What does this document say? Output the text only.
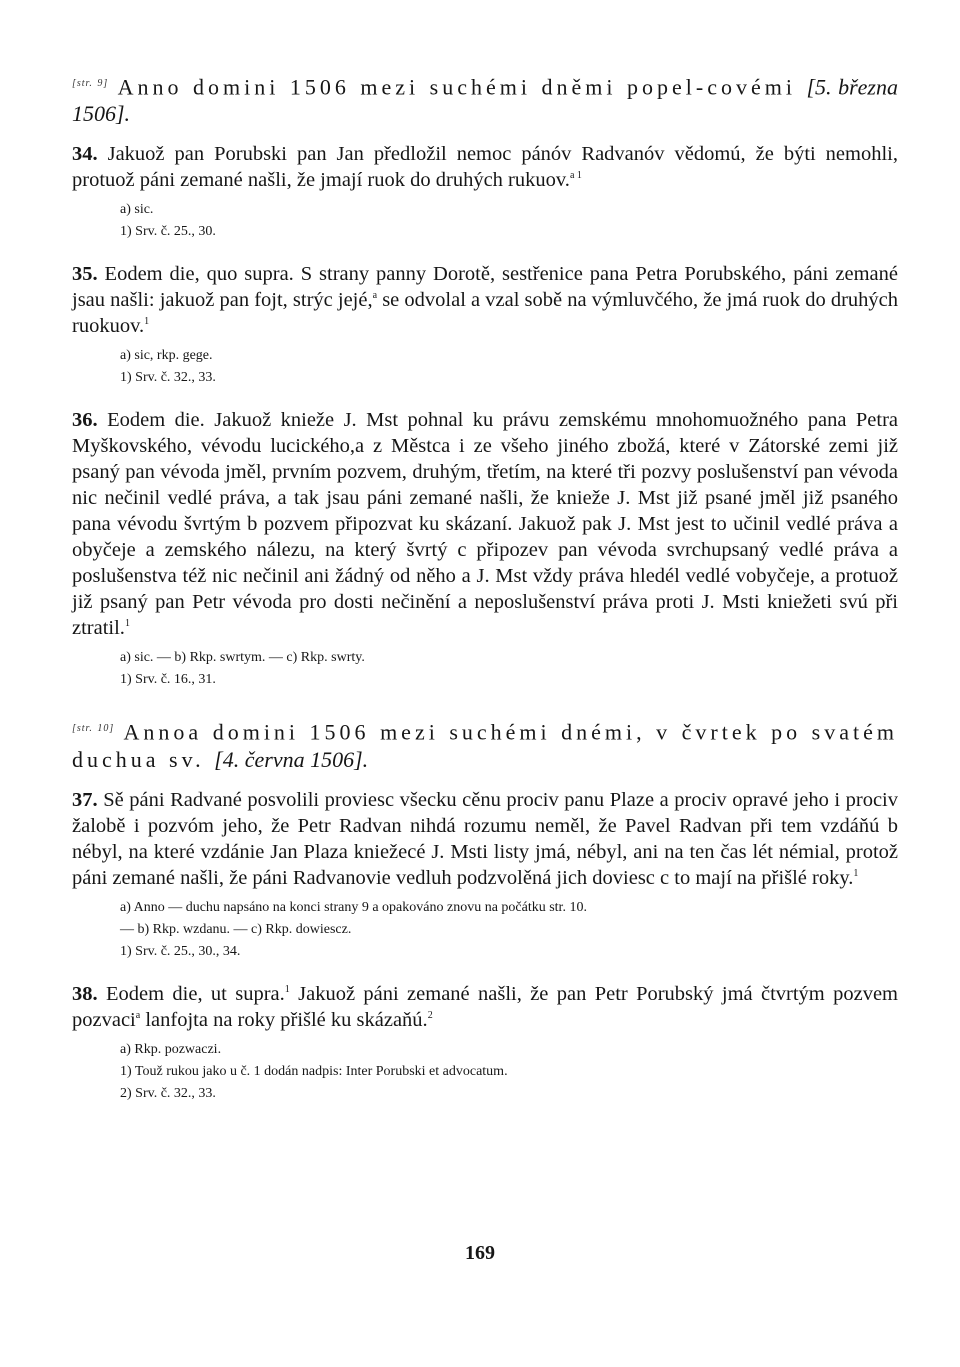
[str. 9] Anno domini 1506 mezi suchémi dněmi popel-covémi [5. března 1506].

34. Jakuož pan Porubski pan Jan předložil nemoc pánóv Radvanóv vědomú, že býti nemohli, protuož páni zemané našli, že jmají ruok do druhých rukuov.$^{a 1}$

a) sic.

1) Srv. č. 25., 30.

35. Eodem die, quo supra. S strany panny Dorotě, sestřenice pana Petra Porubského, páni zemané jsau našli: jakuož pan fojt, strýc jejé,$^a$ se odvolal a vzal sobě na výmluvčého, že jmá ruok do druhých ruokuov.$^1$

a) sic, rkp. gege.

1) Srv. č. 32., 33.

36. Eodem die. Jakuož knieže J. Mst pohnal ku právu zemskému mnohomuožného pana Petra Myškovského, vévodu lucického,a z Městca i ze všeho jiného zbožá, které v Zátorské zemi již psaný pan vévoda jměl, prvním pozvem, druhým, třetím, na které tři pozvy poslušenství pan vévoda nic nečinil vedlé práva, a tak jsau páni zemané našli, že knieže J. Mst již psané jměl již psaného pana vévodu švrtým b pozvem připozvat ku skázaní. Jakuož pak J. Mst jest to učinil vedlé práva a obyčeje a zemského nálezu, na který švrtý c připozev pan vévoda svrchupsaný vedlé práva a poslušenstva též nic nečinil ani žádný od něho a J. Mst vždy práva hledél vedlé vobyčeje, a protuož již psaný pan Petr vévoda pro dosti nečinění a neposlušenství práva proti J. Msti kniežeti svú při ztratil.$^1$

a) sic. — b) Rkp. swrtym. — c) Rkp. swrty.

1) Srv. č. 16., 31.

[str. 10] Annoa domini 1506 mezi suchémi dnémi, v čvrtek po svatém duchua sv. [4. června 1506].

37. Sě páni Radvané posvolili proviesc všecku cěnu prociv panu Plaze a prociv opravé jeho i prociv žalobě i pozvóm jeho, že Petr Radvan nihdá rozumu neměl, že Pavel Radvan při tem vzdáňú b nébyl, na které vzdánie Jan Plaza kniežecé J. Msti listy jmá, nébyl, ani na ten čas lét némial, protož páni zemané našli, že páni Radvanovie vedluh podzvolěná jich doviesc c to mají na přišlé roky.$^1$

a) Anno — duchu napsáno na konci strany 9 a opakováno znovu na počátku str. 10.

— b) Rkp. wzdanu. — c) Rkp. dowiescz.

1) Srv. č. 25., 30., 34.

38. Eodem die, ut supra.$^1$ Jakuož páni zemané našli, že pan Petr Porubský jmá čtvrtým pozvem pozvaci$^a$ lanfojta na roky přišlé ku skázaňú.$^2$

a) Rkp. pozwaczi.

1) Touž rukou jako u č. 1 dodán nadpis: Inter Porubski et advocatum.

2) Srv. č. 32., 33.

169
